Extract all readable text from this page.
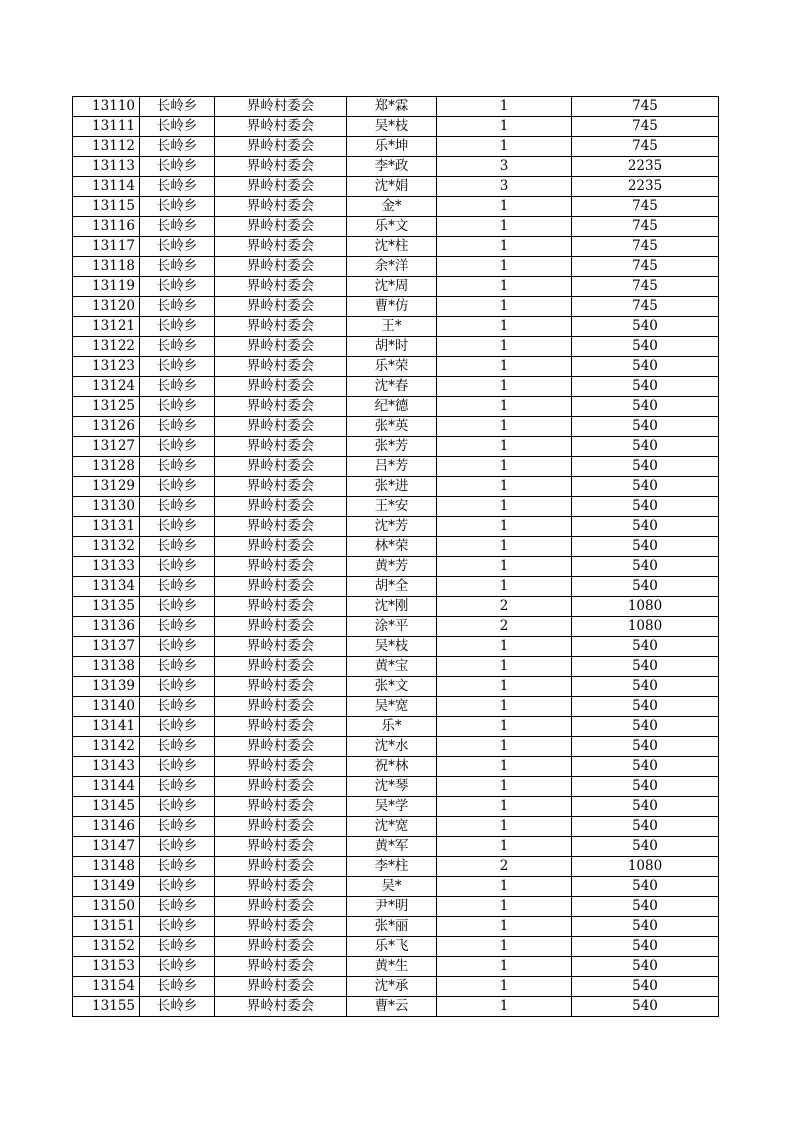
13110	长岭乡	界岭村委会	郑*霖	1	745
13111	长岭乡	界岭村委会	吴*枝	1	745
13112	长岭乡	界岭村委会	乐*坤	1	745
13113	长岭乡	界岭村委会	李*政	3	2235
13114	长岭乡	界岭村委会	沈*娟	3	2235
13115	长岭乡	界岭村委会	金*	1	745
13116	长岭乡	界岭村委会	乐*文	1	745
13117	长岭乡	界岭村委会	沈*柱	1	745
13118	长岭乡	界岭村委会	余*洋	1	745
13119	长岭乡	界岭村委会	沈*周	1	745
13120	长岭乡	界岭村委会	曹*仿	1	745
13121	长岭乡	界岭村委会	王*	1	540
13122	长岭乡	界岭村委会	胡*时	1	540
13123	长岭乡	界岭村委会	乐*荣	1	540
13124	长岭乡	界岭村委会	沈*春	1	540
13125	长岭乡	界岭村委会	纪*德	1	540
13126	长岭乡	界岭村委会	张*英	1	540
13127	长岭乡	界岭村委会	张*芳	1	540
13128	长岭乡	界岭村委会	吕*芳	1	540
13129	长岭乡	界岭村委会	张*进	1	540
13130	长岭乡	界岭村委会	王*安	1	540
13131	长岭乡	界岭村委会	沈*芳	1	540
13132	长岭乡	界岭村委会	林*荣	1	540
13133	长岭乡	界岭村委会	黄*芳	1	540
13134	长岭乡	界岭村委会	胡*全	1	540
13135	长岭乡	界岭村委会	沈*刚	2	1080
13136	长岭乡	界岭村委会	涂*平	2	1080
13137	长岭乡	界岭村委会	吴*枝	1	540
13138	长岭乡	界岭村委会	黄*宝	1	540
13139	长岭乡	界岭村委会	张*文	1	540
13140	长岭乡	界岭村委会	吴*宽	1	540
13141	长岭乡	界岭村委会	乐*	1	540
13142	长岭乡	界岭村委会	沈*水	1	540
13143	长岭乡	界岭村委会	祝*林	1	540
13144	长岭乡	界岭村委会	沈*琴	1	540
13145	长岭乡	界岭村委会	吴*学	1	540
13146	长岭乡	界岭村委会	沈*宽	1	540
13147	长岭乡	界岭村委会	黄*军	1	540
13148	长岭乡	界岭村委会	李*柱	2	1080
13149	长岭乡	界岭村委会	吴*	1	540
13150	长岭乡	界岭村委会	尹*明	1	540
13151	长岭乡	界岭村委会	张*丽	1	540
13152	长岭乡	界岭村委会	乐*飞	1	540
13153	长岭乡	界岭村委会	黄*生	1	540
13154	长岭乡	界岭村委会	沈*承	1	540
13155	长岭乡	界岭村委会	曹*云	1	540
